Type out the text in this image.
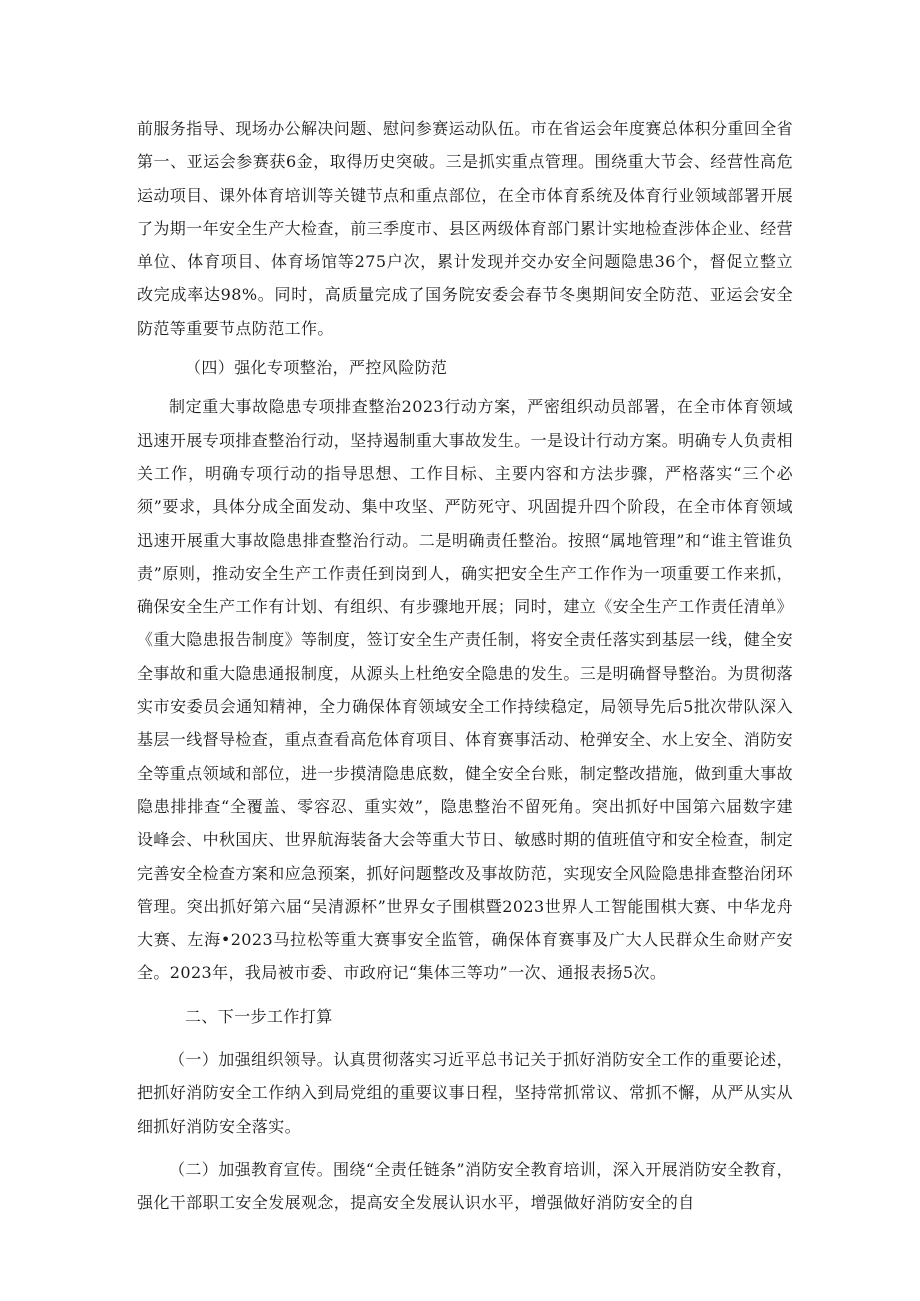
前服务指导、现场办公解决问题、慰问参赛运动队伍。市在省运会年度赛总体积分重回全省第一、亚运会参赛获6金，取得历史突破。三是抓实重点管理。围绕重大节会、经营性高危运动项目、课外体育培训等关键节点和重点部位，在全市体育系统及体育行业领域部署开展了为期一年安全生产大检查，前三季度市、县区两级体育部门累计实地检查涉体企业、经营单位、体育项目、体育场馆等275户次，累计发现并交办安全问题隐患36个，督促立整立改完成率达98%。同时，高质量完成了国务院安委会春节冬奥期间安全防范、亚运会安全防范等重要节点防范工作。

（四）强化专项整治，严控风险防范

制定重大事故隐患专项排查整治2023行动方案，严密组织动员部署，在全市体育领域迅速开展专项排查整治行动，坚持遏制重大事故发生。一是设计行动方案。明确专人负责相关工作，明确专项行动的指导思想、工作目标、主要内容和方法步骤，严格落实“三个必须”要求，具体分成全面发动、集中攻坚、严防死守、巩固提升四个阶段，在全市体育领域迅速开展重大事故隐患排查整治行动。二是明确责任整治。按照“属地管理”和“谁主管谁负责”原则，推动安全生产工作责任到岗到人，确实把安全生产工作作为一项重要工作来抓，确保安全生产工作有计划、有组织、有步骤地开展；同时，建立《安全生产工作责任清单》《重大隐患报告制度》等制度，签订安全生产责任制，将安全责任落实到基层一线，健全安全事故和重大隐患通报制度，从源头上杜绝安全隐患的发生。三是明确督导整治。为贯彻落实市安委员会通知精神，全力确保体育领域安全工作持续稳定，局领导先后5批次带队深入基层一线督导检查，重点查看高危体育项目、体育赛事活动、枪弹安全、水上安全、消防安全等重点领域和部位，进一步摸清隐患底数，健全安全台账，制定整改措施，做到重大事故隐患排排查“全覆盖、零容忍、重实效”，隐患整治不留死角。突出抓好中国第六届数字建设峰会、中秋国庆、世界航海装备大会等重大节日、敏感时期的值班值守和安全检查，制定完善安全检查方案和应急预案，抓好问题整改及事故防范，实现安全风险隐患排查整治闭环管理。突出抓好第六届“吴清源杯”世界女子围棋暨2023世界人工智能围棋大赛、中华龙舟大赛、左海•2023马拉松等重大赛事安全监管，确保体育赛事及广大人民群众生命财产安全。2023年，我局被市委、市政府记“集体三等功”一次、通报表扬5次。

二、下一步工作打算

（一）加强组织领导。认真贯彻落实习近平总书记关于抓好消防安全工作的重要论述，把抓好消防安全工作纳入到局党组的重要议事日程，坚持常抓常议、常抓不懈，从严从实从细抓好消防安全落实。

（二）加强教育宣传。围绕“全责任链条”消防安全教育培训，深入开展消防安全教育，强化干部职工安全发展观念，提高安全发展认识水平，增强做好消防安全的自
